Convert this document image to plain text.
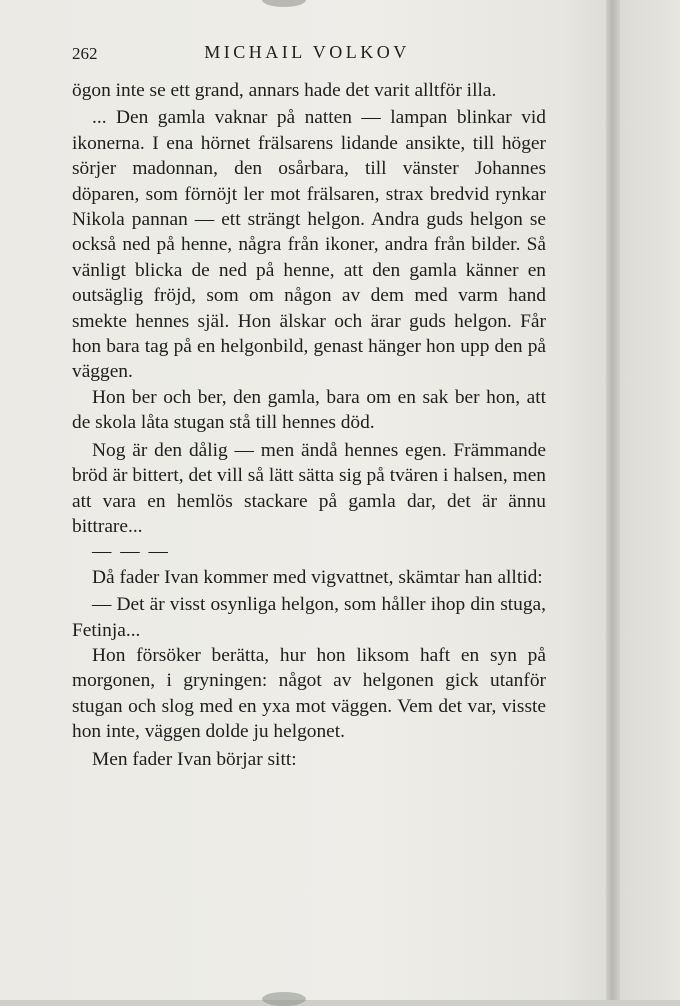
262	MICHAIL VOLKOV

ögon inte se ett grand, annars hade det varit alltför illa.

... Den gamla vaknar på natten — lampan blinkar vid ikonerna. I ena hörnet frälsarens lidande ansikte, till höger sörjer madonnan, den osårbara, till vänster Johannes döparen, som förnöjt ler mot frälsaren, strax bredvid rynkar Nikola pannan — ett strängt helgon. Andra guds helgon se också ned på henne, några från ikoner, andra från bilder. Så vänligt blicka de ned på henne, att den gamla känner en outsäglig fröjd, som om någon av dem med varm hand smekte hennes själ. Hon älskar och ärar guds helgon. Får hon bara tag på en helgonbild, genast hänger hon upp den på väggen.

Hon ber och ber, den gamla, bara om en sak ber hon, att de skola låta stugan stå till hennes död.

Nog är den dålig — men ändå hennes egen. Främmande bröd är bittert, det vill så lätt sätta sig på tvären i halsen, men att vara en hemlös stackare på gamla dar, det är ännu bittrare...

— — —

Då fader Ivan kommer med vigvattnet, skämtar han alltid:

— Det är visst osynliga helgon, som håller ihop din stuga, Fetinja...

Hon försöker berätta, hur hon liksom haft en syn på morgonen, i gryningen: något av helgonen gick utanför stugan och slog med en yxa mot väggen. Vem det var, visste hon inte, väggen dolde ju helgonet.

Men fader Ivan börjar sitt:
